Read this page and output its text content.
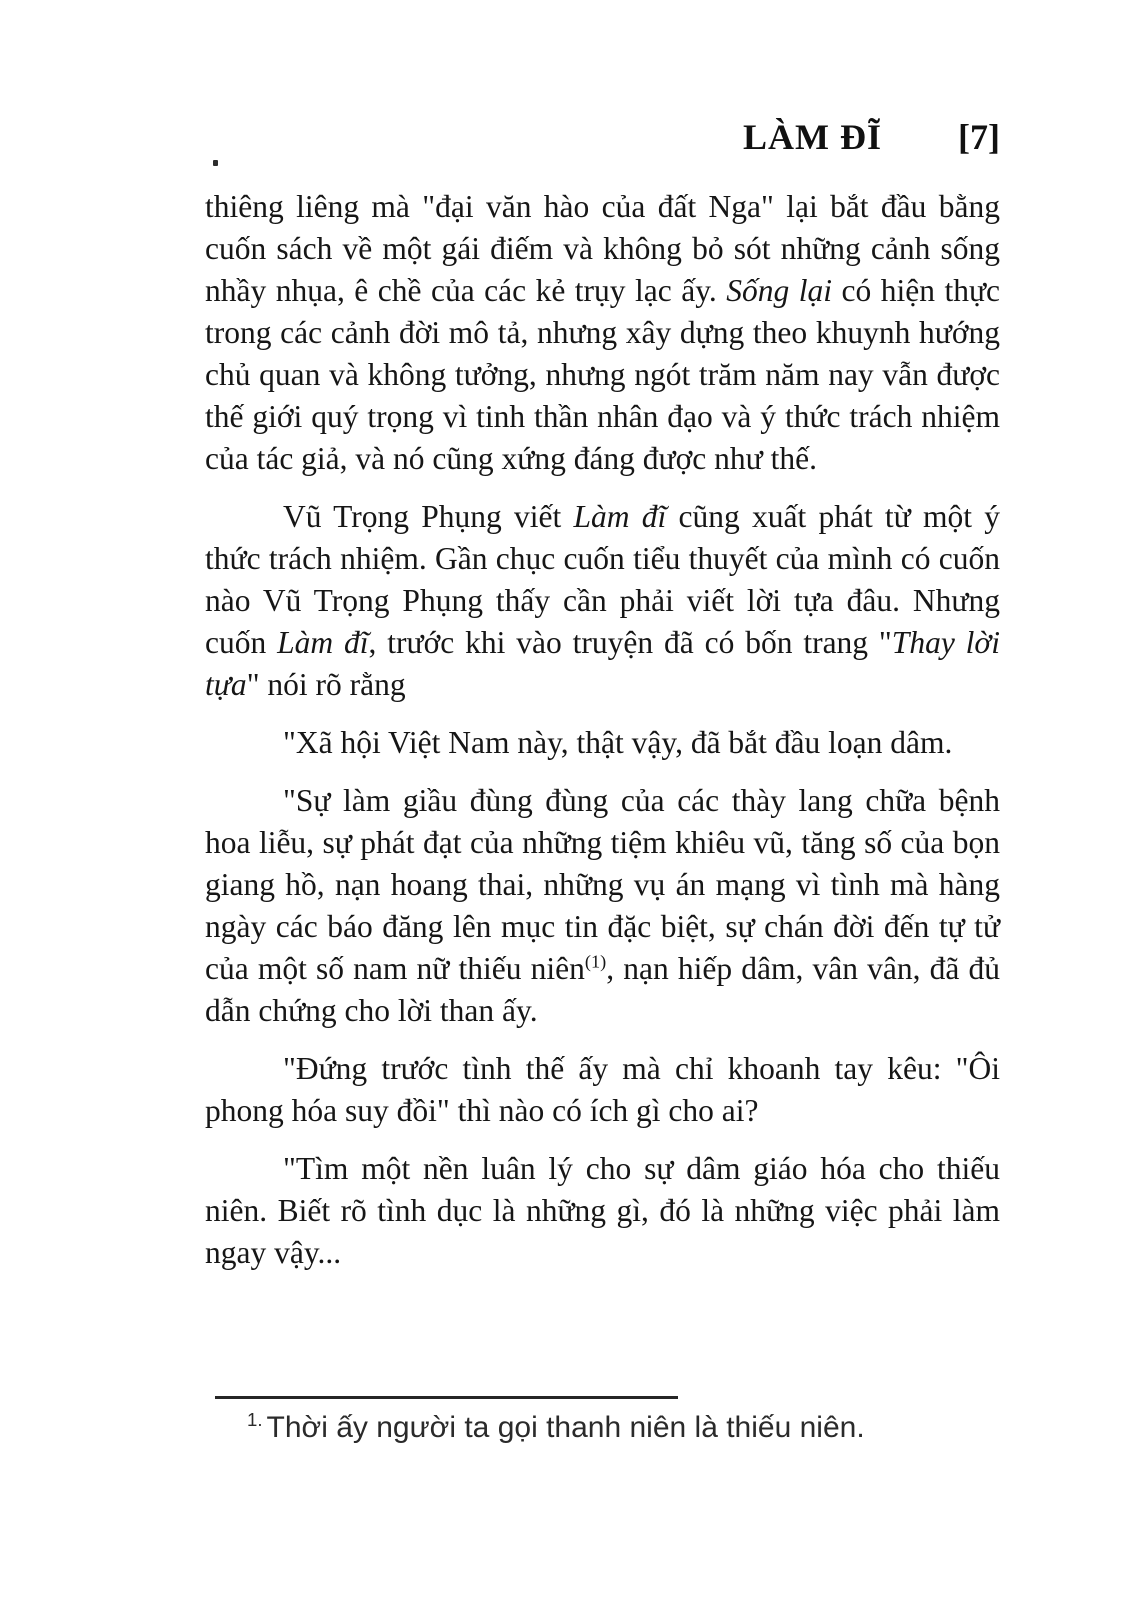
LÀM ĐĨ [7]

thiêng liêng mà "đại văn hào của đất Nga" lại bắt đầu bằng cuốn sách về một gái điếm và không bỏ sót những cảnh sống nhầy nhụa, ê chề của các kẻ trụy lạc ấy. Sống lại có hiện thực trong các cảnh đời mô tả, nhưng xây dựng theo khuynh hướng chủ quan và không tưởng, nhưng ngót trăm năm nay vẫn được thế giới quý trọng vì tinh thần nhân đạo và ý thức trách nhiệm của tác giả, và nó cũng xứng đáng được như thế.

Vũ Trọng Phụng viết Làm đĩ cũng xuất phát từ một ý thức trách nhiệm. Gần chục cuốn tiểu thuyết của mình có cuốn nào Vũ Trọng Phụng thấy cần phải viết lời tựa đâu. Nhưng cuốn Làm đĩ, trước khi vào truyện đã có bốn trang "Thay lời tựa" nói rõ rằng

"Xã hội Việt Nam này, thật vậy, đã bắt đầu loạn dâm.

"Sự làm giầu đùng đùng của các thày lang chữa bệnh hoa liễu, sự phát đạt của những tiệm khiêu vũ, tăng số của bọn giang hồ, nạn hoang thai, những vụ án mạng vì tình mà hàng ngày các báo đăng lên mục tin đặc biệt, sự chán đời đến tự tử của một số nam nữ thiếu niên$^{(1)}$, nạn hiếp dâm, vân vân, đã đủ dẫn chứng cho lời than ấy.

"Đứng trước tình thế ấy mà chỉ khoanh tay kêu: "Ôi phong hóa suy đồi" thì nào có ích gì cho ai?

"Tìm một nền luân lý cho sự dâm giáo hóa cho thiếu niên. Biết rõ tình dục là những gì, đó là những việc phải làm ngay vậy...

$^{1.}$ Thời ấy người ta gọi thanh niên là thiếu niên.
